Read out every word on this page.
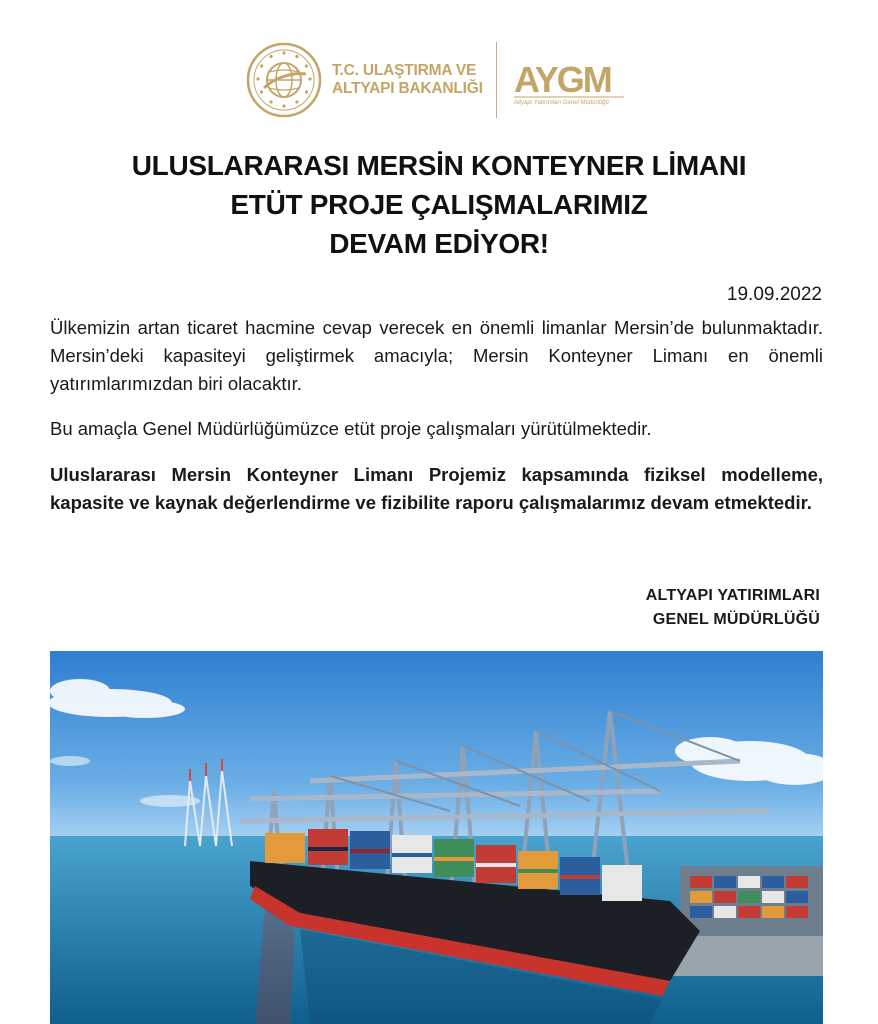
T.C. ULAŞTIRMA VE
ALTYAPI BAKANLIĞI AYGM
Altyapı Yatırımları Genel Müdürlüğü
ULUSLARARASI MERSİN KONTEYNER LİMANI
ETÜT PROJE ÇALIŞMALARIMIZ
DEVAM EDİYOR!
19.09.2022

Ülkemizin artan ticaret hacmine cevap verecek en önemli limanlar Mersin’de bulunmaktadır. Mersin’deki kapasiteyi geliştirmek amacıyla; Mersin Konteyner Limanı en önemli yatırımlarımızdan biri olacaktır.

Bu amaçla Genel Müdürlüğümüzce etüt proje çalışmaları yürütülmektedir.

Uluslararası Mersin Konteyner Limanı Projemiz kapsamında fiziksel modelleme, kapasite ve kaynak değerlendirme ve fizibilite raporu çalışmalarımız devam etmektedir.

ALTYAPI YATIRIMLARI
GENEL MÜDÜRLÜĞÜ
